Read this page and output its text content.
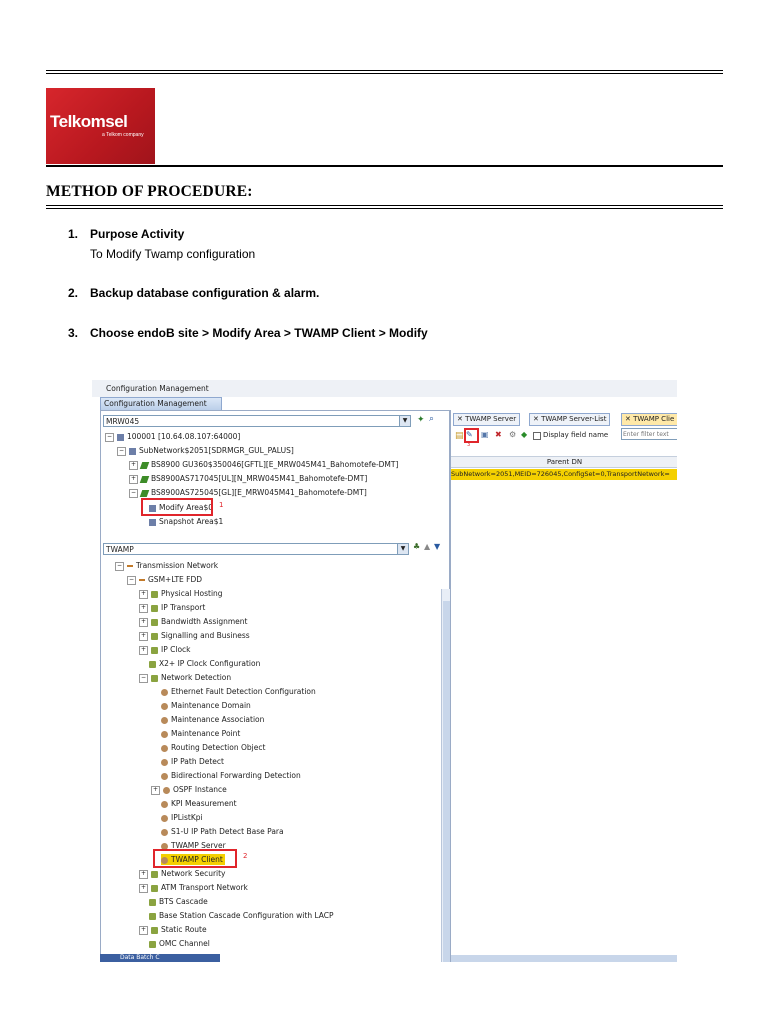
Telkomsel
a Telkom company
METHOD OF PROCEDURE:
1. Purpose Activity
To Modify Twamp configuration
2. Backup database configuration & alarm.
3. Choose endoB site > Modify Area > TWAMP Client > Modify
Configuration Management
Configuration Management
MRW045	▼ ✦ ⌕
− 100001 [10.64.08.107:64000]
− SubNetwork$2051[SDRMGR_GUL_PALUS]
+ BS8900 GU360$350046[GFTL][E_MRW045M41_Bahomotefe-DMT]
+ BS8900AS717045[UL][N_MRW045M41_Bahomotefe-DMT]
− BS8900AS725045[GL][E_MRW045M41_Bahomotefe-DMT]
Modify Area$0 1
Snapshot Area$1
TWAMP	▼ ♣ ▲ ▼
− Transmission Network
− GSM+LTE FDD
+ Physical Hosting
+ IP Transport
+ Bandwidth Assignment
+ Signalling and Business
+ IP Clock
X2+ IP Clock Configuration
− Network Detection
Ethernet Fault Detection Configuration
Maintenance Domain
Maintenance Association
Maintenance Point
Routing Detection Object
IP Path Detect
Bidirectional Forwarding Detection
+ OSPF Instance
KPI Measurement
IPListKpi
S1-U IP Path Detect Base Para
TWAMP Server
TWAMP Client	2
+ Network Security
+ ATM Transport Network
BTS Cascade
Base Station Cascade Configuration with LACP
+ Static Route
OMC Channel
Data Batch C
✕ TWAMP Server	✕ TWAMP Server-List	✕ TWAMP Clie
▤ ✎
3
▣ ✖ ⚙ ◆ Display field name
Enter filter text
Parent DN
SubNetwork=2051,MEID=726045,ConfigSet=0,TransportNetwork=
